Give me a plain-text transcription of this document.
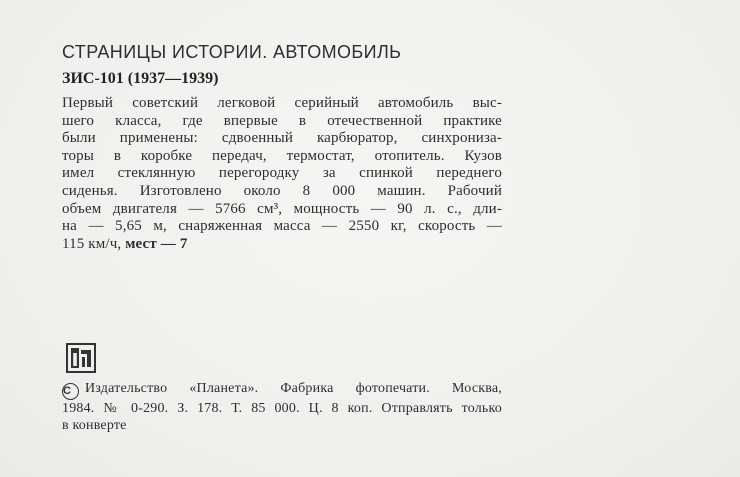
СТРАНИЦЫ ИСТОРИИ. АВТОМОБИЛЬ
ЗИС-101 (1937—1939)
Первый советский легковой серийный автомобиль выс-
шего класса, где впервые в отечественной практике
были применены: сдвоенный карбюратор, синхрониза-
торы в коробке передач, термостат, отопитель. Кузов
имел стеклянную перегородку за спинкой переднего
сиденья. Изготовлено около 8 000 машин. Рабочий
объем двигателя — 5766 см³, мощность — 90 л. с., дли-
на — 5,65 м, снаряженная масса — 2550 кг, скорость —
115 км/ч, мест — 7
C Издательство «Планета». Фабрика фотопечати. Москва,
1984. № 0-290. З. 178. Т. 85 000. Ц. 8 коп. Отправлять только
в конверте
